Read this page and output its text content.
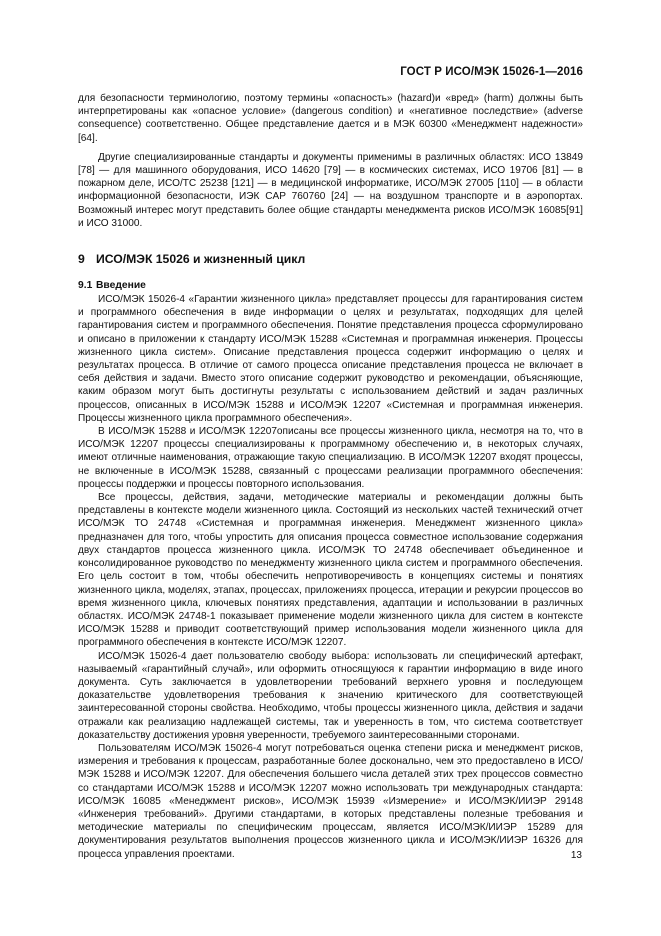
ГОСТ Р ИСО/МЭК 15026-1—2016

для безопасности терминологию, поэтому термины «опасность» (hazard)и «вред» (harm) должны быть интерпретированы как «опасное условие» (dangerous condition) и «негативное последствие» (adverse consequence) соответственно. Общее представление дается и в МЭК 60300 «Менеджмент надежности» [64].

Другие специализированные стандарты и документы применимы в различных областях: ИСО 13849 [78] — для машинного оборудования, ИСО 14620 [79] — в космических системах, ИСО 19706 [81] — в пожарном деле, ИСО/ТС 25238 [121] — в медицинской информатике, ИСО/МЭК 27005 [110] — в области информационной безопасности, ИЭК CAP 760760 [24] — на воздушном транспорте и в аэропортах. Возможный интерес могут представить более общие стандарты менеджмента рисков ИСО/МЭК 16085[91] и ИСО 31000.

9 ИСО/МЭК 15026 и жизненный цикл
9.1 Введение

ИСО/МЭК 15026-4 «Гарантии жизненного цикла» представляет процессы для гарантирования систем и программного обеспечения в виде информации о целях и результатах, подходящих для целей гарантирования систем и программного обеспечения. Понятие представления процесса сформулировано и описано в приложении к стандарту ИСО/МЭК 15288 «Системная и программная инженерия. Процессы жизненного цикла систем». Описание представления процесса содержит информацию о целях и результатах процесса. В отличие от самого процесса описание представления процесса не включает в себя действия и задачи. Вместо этого описание содержит руководство и рекомендации, объясняющие, каким образом могут быть достигнуты результаты с использованием действий и задач различных процессов, описанных в ИСО/МЭК 15288 и ИСО/МЭК 12207 «Системная и программная инженерия. Процессы жизненного цикла программного обеспечения».

В ИСО/МЭК 15288 и ИСО/МЭК 12207описаны все процессы жизненного цикла, несмотря на то, что в ИСО/МЭК 12207 процессы специализированы к программному обеспечению и, в некоторых случаях, имеют отличные наименования, отражающие такую специализацию. В ИСО/МЭК 12207 входят процессы, не включенные в ИСО/МЭК 15288, связанный с процессами реализации программного обеспечения: процессы поддержки и процессы повторного использования.

Все процессы, действия, задачи, методические материалы и рекомендации должны быть представлены в контексте модели жизненного цикла. Состоящий из нескольких частей технический отчет ИСО/МЭК ТО 24748 «Системная и программная инженерия. Менеджмент жизненного цикла» предназначен для того, чтобы упростить для описания процесса совместное использование содержания двух стандартов процесса жизненного цикла. ИСО/МЭК ТО 24748 обеспечивает объединенное и консолидированное руководство по менеджменту жизненного цикла систем и программного обеспечения. Его цель состоит в том, чтобы обеспечить непротиворечивость в концепциях системы и понятиях жизненного цикла, моделях, этапах, процессах, приложениях процесса, итерации и рекурсии процессов во время жизненного цикла, ключевых понятиях представления, адаптации и использовании в различных областях. ИСО/МЭК 24748-1 показывает применение модели жизненного цикла для систем в контексте ИСО/МЭК 15288 и приводит соответствующий пример использования модели жизненного цикла для программного обеспечения в контексте ИСО/МЭК 12207.

ИСО/МЭК 15026-4 дает пользователю свободу выбора: использовать ли специфический артефакт, называемый «гарантийный случай», или оформить относящуюся к гарантии информацию в виде иного документа. Суть заключается в удовлетворении требований верхнего уровня и последующем доказательстве удовлетворения требования к значению критического для соответствующей заинтересованной стороны свойства. Необходимо, чтобы процессы жизненного цикла, действия и задачи отражали как реализацию надлежащей системы, так и уверенность в том, что система соответствует доказательству достижения уровня уверенности, требуемого заинтересованными сторонами.

Пользователям ИСО/МЭК 15026-4 могут потребоваться оценка степени риска и менеджмент рисков, измерения и требования к процессам, разработанные более досконально, чем это предоставлено в ИСО/МЭК 15288 и ИСО/МЭК 12207. Для обеспечения большего числа деталей этих трех процессов совместно со стандартами ИСО/МЭК 15288 и ИСО/МЭК 12207 можно использовать три международных стандарта: ИСО/МЭК 16085 «Менеджмент рисков», ИСО/МЭК 15939 «Измерение» и ИСО/МЭК/ИИЭР 29148 «Инженерия требований». Другими стандартами, в которых представлены полезные требования и методические материалы по специфическим процессам, является ИСО/МЭК/ИИЭР 15289 для документирования результатов выполнения процессов жизненного цикла и ИСО/МЭК/ИИЭР 16326 для процесса управления проектами.	13
